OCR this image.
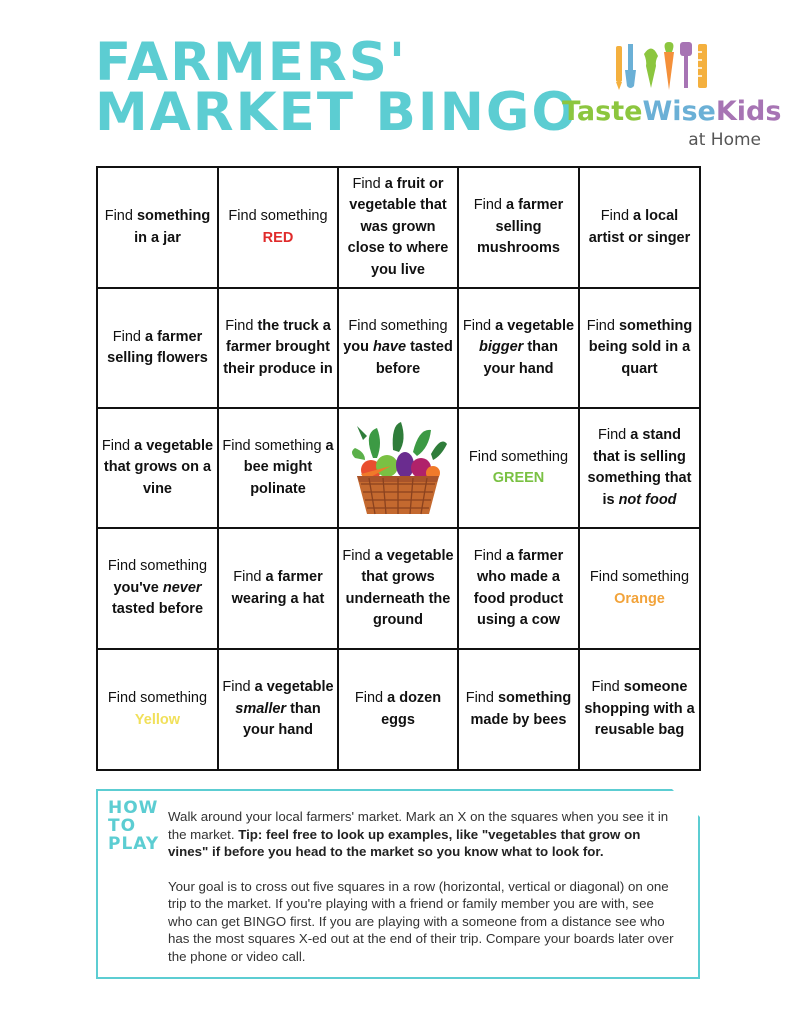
FARMERS'
MARKET BINGO
TasteWiseKids
at Home
Find something in a jar
Find something
RED
Find a fruit or vegetable that was grown close to where you live
Find a farmer selling mushrooms
Find a local artist or singer
Find a farmer selling flowers
Find the truck a farmer brought their produce in
Find something you have tasted before
Find a vegetable bigger than your hand
Find something being sold in a quart
Find a vegetable that grows on a vine
Find something a bee might polinate
Find something
GREEN
Find a stand that is selling something that is not food
Find something
you've never tasted before
Find a farmer wearing a hat
Find a vegetable that grows underneath the ground
Find a farmer who made a food product using a cow
Find something
Orange
Find something
Yellow
Find a vegetable smaller than your hand
Find a dozen eggs
Find something made by bees
Find someone shopping with a reusable bag
HOW
TO
PLAY

Walk around your local farmers' market. Mark an X on the squares when you see it in the market. Tip: feel free to look up examples, like "vegetables that grow on vines" if before you head to the market so you know what to look for.

Your goal is to cross out five squares in a row (horizontal, vertical or diagonal) on one trip to the market. If you're playing with a friend or family member you are with, see who can get BINGO first. If you are playing with a someone from a distance see who has the most squares X-ed out at the end of their trip. Compare your boards later over the phone or video call.
